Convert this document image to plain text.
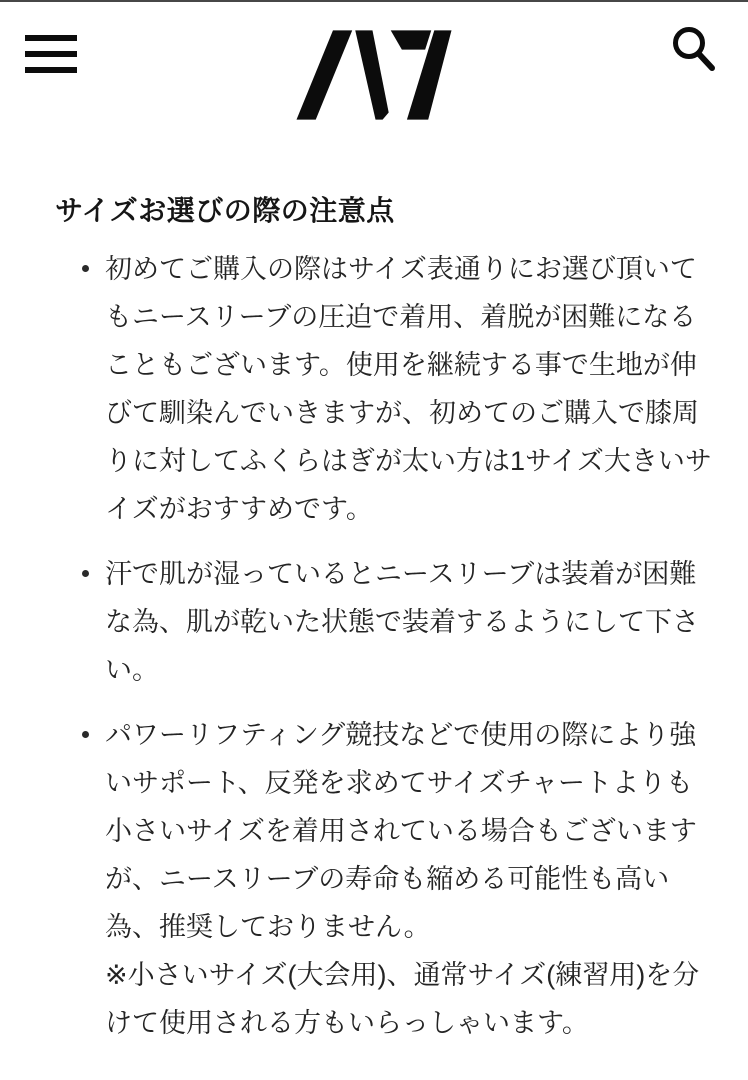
サイズお選びの際の注意点
初めてご購入の際はサイズ表通りにお選び頂いて
もニースリーブの圧迫で着用、着脱が困難になる
こともございます。使用を継続する事で生地が伸
びて馴染んでいきますが、初めてのご購入で膝周
りに対してふくらはぎが太い方は1サイズ大きいサ
イズがおすすめです。
汗で肌が湿っているとニースリーブは装着が困難
な為、肌が乾いた状態で装着するようにして下さ
い。
パワーリフティング競技などで使用の際により強
いサポート、反発を求めてサイズチャートよりも
小さいサイズを着用されている場合もございます
が、ニースリーブの寿命も縮める可能性も高い
為、推奨しておりません。
※小さいサイズ(大会用)、通常サイズ(練習用)を分
けて使用される方もいらっしゃいます。
